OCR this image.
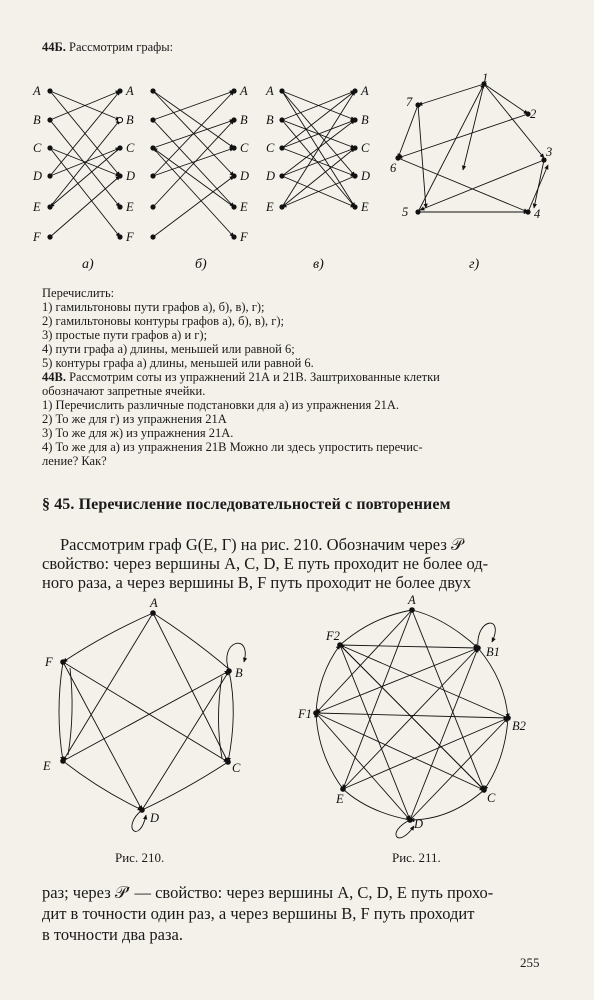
44Б. Рассмотрим графы:
A
B
C
D
E
F
A
B
C
D
E
F
A
B
C
D
E
F
A
B
C
D
E
A
B
C
D
E
1
2
3
4
5
6
7
а)	б)	в)	г)
A
B
C
D
E
F
A
B1
B2
C
D
E
F1
F2
Перечислить:
1) гамильтоновы пути графов а), б), в), г);
2) гамильтоновы контуры графов а), б), в), г);
3) простые пути графов а) и г);
4) пути графа а) длины, меньшей или равной 6;
5) контуры графа а) длины, меньшей или равной 6.
44В. Рассмотрим соты из упражнений 21А и 21В. Заштрихованные клетки
обозначают запретные ячейки.
1) Перечислить различные подстановки для а) из упражнения 21А.
2) То же для г) из упражнения 21А
3) То же для ж) из упражнения 21А.
4) То же для а) из упражнения 21В Можно ли здесь упростить перечис-
ление? Как?
§ 45. Перечисление последовательностей с повторением
Рассмотрим граф G(E, Г) на рис. 210. Обозначим через 𝒫
свойство: через вершины A, C, D, E путь проходит не более од-
ного раза, а через вершины B, F путь проходит не более двух
Рис. 210.	Рис. 211.
раз; через 𝒫′ — свойство: через вершины A, C, D, E путь прохо-
дит в точности один раз, а через вершины B, F путь проходит
в точности два раза.
255
